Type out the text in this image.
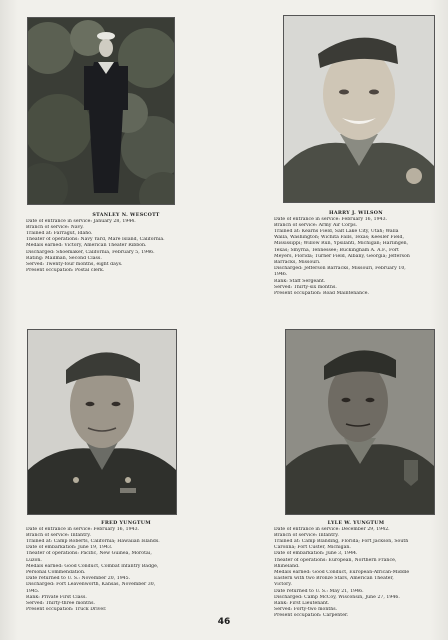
STANLEY N. WESCOTT
Date of entrance in service: January 28, 1944.
Branch of service: Navy.
Trained at: Farragut, Idaho.
Theater of operations: Navy Yard, Mare Island, California.
Medals earned: Victory, American Theater Ribbon.
Discharged: Shoemaker, California, February 5, 1946.
Rating: Mailman, Second Class.
Served: Twenty-four months, eight days.
Present occupation: Postal clerk.
HARRY J. WILSON
Date of entrance in service: February 16, 1943.
Branch of service: Army Air Corps.
Trained at: Kearns Field, Salt Lake City, Utah; Walla
Walla, Washington; Wichita Falls, Texas; Keesler Field,
Mississippi; Willow Run, Ypsilanti, Michigan; Harlingen,
Texas; Smyrna, Tennessee; Buckingham A. A.F., Fort
Meyers, Florida; Turner Field, Albany, Georgia; Jefferson
Barracks, Missouri.
Discharged: Jefferson Barracks, Missouri, February 10,
1946.
Rank: Staff Sergeant.
Served: Thirty-six months.
Present occupation: Road Maintenance.
FRED YUNGTUM
Date of entrance in service: February 16, 1943.
Branch of service: Infantry.
Trained at: Camp Roberts, California; Hawaiian Islands.
Date of embarkation: June 19, 1943.
Theater of operations: Pacific, New Guinea, Morotai,
Luzon.
Medals earned: Good Conduct, Combat Infantry Badge,
Personal Commendation.
Date returned to U. S.: November 20, 1945.
Discharged: Fort Leavenworth, Kansas, November 30,
1945.
Rank: Private First Class.
Served: Thirty-three months.
Present occupation: Truck Driver.
LYLE W. YUNGTUM
Date of entrance in service: December 29, 1942.
Branch of service: Infantry.
Trained at: Camp Blanding, Florida; Fort Jackson, South
Carolina; Fort Custer, Michigan.
Date of embarkation: June 3, 1944.
Theater of operations: European, Northern France,
Rhineland.
Medals earned: Good Conduct, European-African-Middle
Eastern with two Bronze Stars, American Theater,
Victory.
Date returned to U. S.: May 21, 1946.
Discharged: Camp McCoy, Wisconsin, June 27, 1946.
Rank: First Lieutenant.
Served: Forty-two months.
Present occupation: Carpenter.
46
